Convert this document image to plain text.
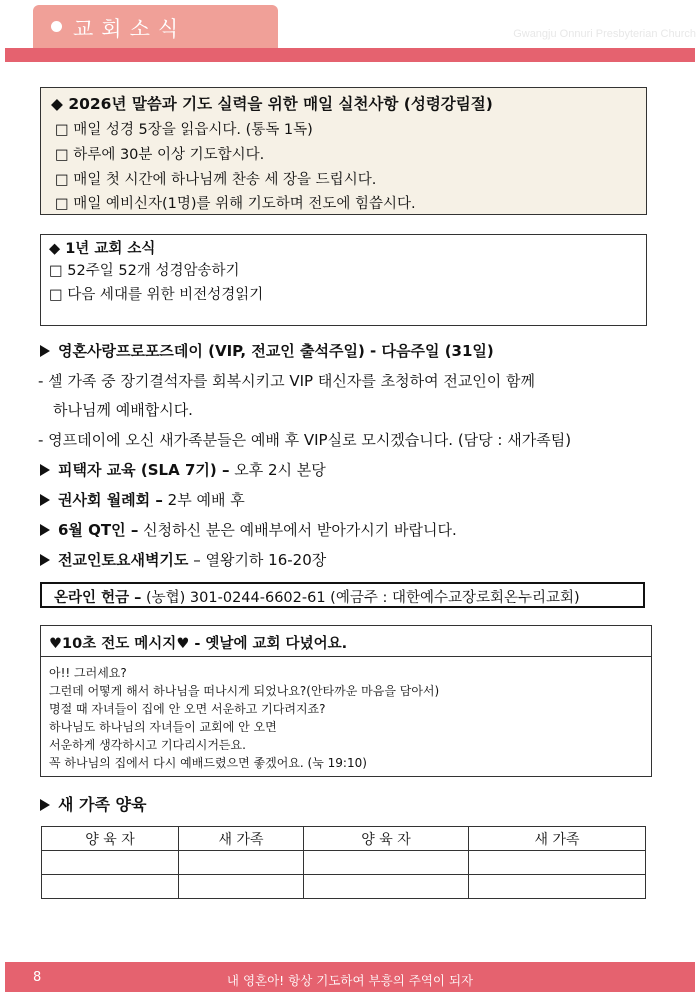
교회소식	Gwangju Onnuri Presbyterian Church
◆ 2026년 말씀과 기도 실력을 위한 매일 실천사항 (성령강림절)
□ 매일 성경 5장을 읽읍시다. (통독 1독)
□ 하루에 30분 이상 기도합시다.
□ 매일 첫 시간에 하나님께 찬송 세 장을 드립시다.
□ 매일 예비신자(1명)를 위해 기도하며 전도에 힘씁시다.
◆ 1년 교회 소식
□ 52주일 52개 성경암송하기
□ 다음 세대를 위한 비전성경읽기
영혼사랑프로포즈데이 (VIP, 전교인 출석주일) - 다음주일 (31일)
- 셀 가족 중 장기결석자를 회복시키고 VIP 태신자를 초청하여 전교인이 함께
하나님께 예배합시다.
- 영프데이에 오신 새가족분들은 예배 후 VIP실로 모시겠습니다. (담당 : 새가족팀)
피택자 교육 (SLA 7기) – 오후 2시 본당
권사회 월례회 – 2부 예배 후
6월 QT인 – 신청하신 분은 예배부에서 받아가시기 바랍니다.
전교인토요새벽기도 – 열왕기하 16-20장
온라인 헌금 – (농협) 301-0244-6602-61 (예금주 : 대한예수교장로회온누리교회)
♥10초 전도 메시지♥ - 옛날에 교회 다녔어요.
아!! 그러세요?
그런데 어떻게 해서 하나님을 떠나시게 되었나요?(안타까운 마음을 담아서)
명절 때 자녀들이 집에 안 오면 서운하고 기다려지죠?
하나님도 하나님의 자녀들이 교회에 안 오면
서운하게 생각하시고 기다리시거든요.
꼭 하나님의 집에서 다시 예배드렸으면 좋겠어요. (눅 19:10)
새 가족 양육
양 육 자	새 가족	양 육 자	새 가족

8	내 영혼아! 항상 기도하여 부흥의 주역이 되자
